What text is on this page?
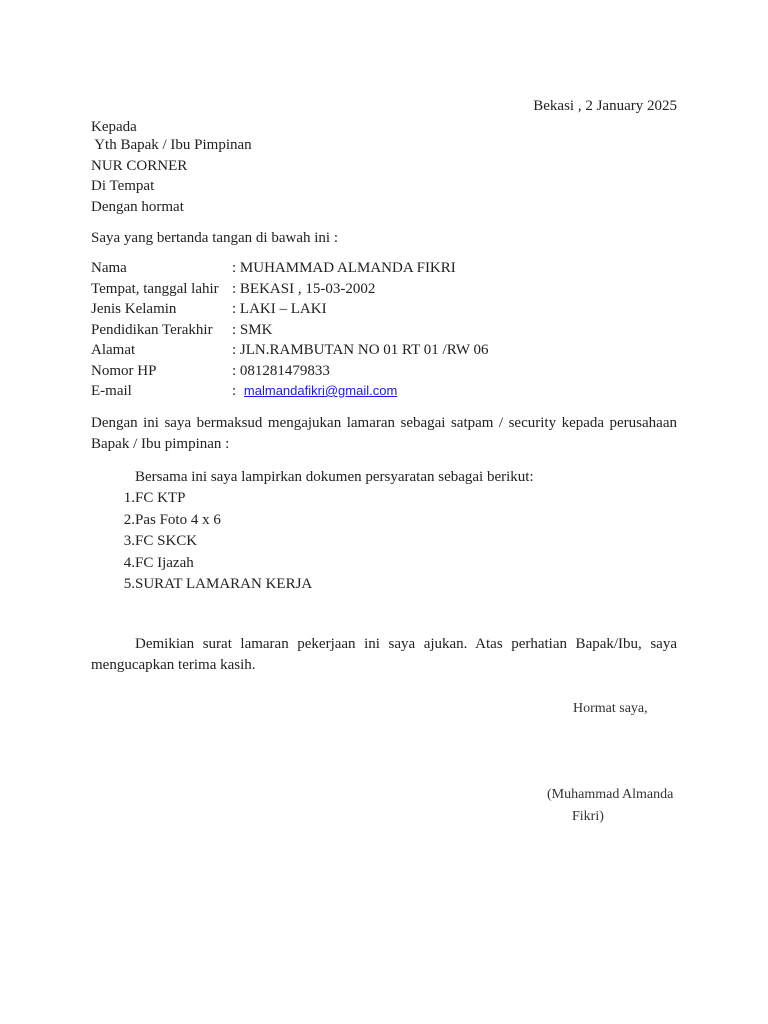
Bekasi , 2 January 2025
Kepada
Yth Bapak / Ibu Pimpinan
NUR CORNER
Di Tempat
Dengan hormat
Saya yang bertanda tangan di bawah ini :
Nama	: MUHAMMAD ALMANDA FIKRI
Tempat, tanggal lahir : BEKASI , 15-03-2002
Jenis Kelamin	: LAKI – LAKI
Pendidikan Terakhir	: SMK
Alamat	: JLN.RAMBUTAN NO 01 RT 01 /RW 06
Nomor HP	: 081281479833
E-mail	: malmandafikri@gmail.com
Dengan ini saya bermaksud mengajukan lamaran sebagai satpam / security kepada perusahaan Bapak / Ibu pimpinan :
Bersama ini saya lampirkan dokumen persyaratan sebagai berikut:
1. FC KTP
2. Pas Foto 4 x 6
3. FC SKCK
4. FC Ijazah
5. SURAT LAMARAN KERJA
Demikian surat lamaran pekerjaan ini saya ajukan. Atas perhatian Bapak/Ibu, saya mengucapkan terima kasih.
Hormat saya,
(Muhammad Almanda
Fikri)
